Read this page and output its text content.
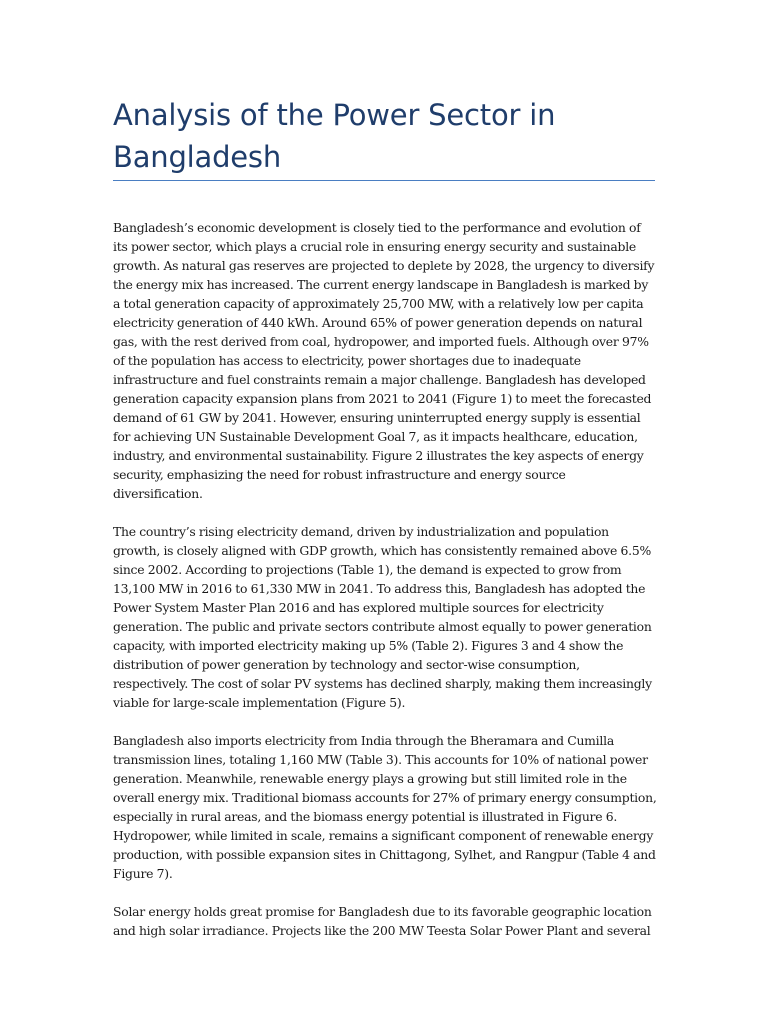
Analysis of the Power Sector in Bangladesh

Bangladesh’s economic development is closely tied to the performance and evolution of its power sector, which plays a crucial role in ensuring energy security and sustainable growth. As natural gas reserves are projected to deplete by 2028, the urgency to diversify the energy mix has increased. The current energy landscape in Bangladesh is marked by a total generation capacity of approximately 25,700 MW, with a relatively low per capita electricity generation of 440 kWh. Around 65% of power generation depends on natural gas, with the rest derived from coal, hydropower, and imported fuels. Although over 97% of the population has access to electricity, power shortages due to inadequate infrastructure and fuel constraints remain a major challenge. Bangladesh has developed generation capacity expansion plans from 2021 to 2041 (Figure 1) to meet the forecasted demand of 61 GW by 2041. However, ensuring uninterrupted energy supply is essential for achieving UN Sustainable Development Goal 7, as it impacts healthcare, education, industry, and environmental sustainability. Figure 2 illustrates the key aspects of energy security, emphasizing the need for robust infrastructure and energy source diversification.

The country’s rising electricity demand, driven by industrialization and population growth, is closely aligned with GDP growth, which has consistently remained above 6.5% since 2002. According to projections (Table 1), the demand is expected to grow from 13,100 MW in 2016 to 61,330 MW in 2041. To address this, Bangladesh has adopted the Power System Master Plan 2016 and has explored multiple sources for electricity generation. The public and private sectors contribute almost equally to power generation capacity, with imported electricity making up 5% (Table 2). Figures 3 and 4 show the distribution of power generation by technology and sector-wise consumption, respectively. The cost of solar PV systems has declined sharply, making them increasingly viable for large-scale implementation (Figure 5).

Bangladesh also imports electricity from India through the Bheramara and Cumilla transmission lines, totaling 1,160 MW (Table 3). This accounts for 10% of national power generation. Meanwhile, renewable energy plays a growing but still limited role in the overall energy mix. Traditional biomass accounts for 27% of primary energy consumption, especially in rural areas, and the biomass energy potential is illustrated in Figure 6. Hydropower, while limited in scale, remains a significant component of renewable energy production, with possible expansion sites in Chittagong, Sylhet, and Rangpur (Table 4 and Figure 7).

Solar energy holds great promise for Bangladesh due to its favorable geographic location and high solar irradiance. Projects like the 200 MW Teesta Solar Power Plant and several
